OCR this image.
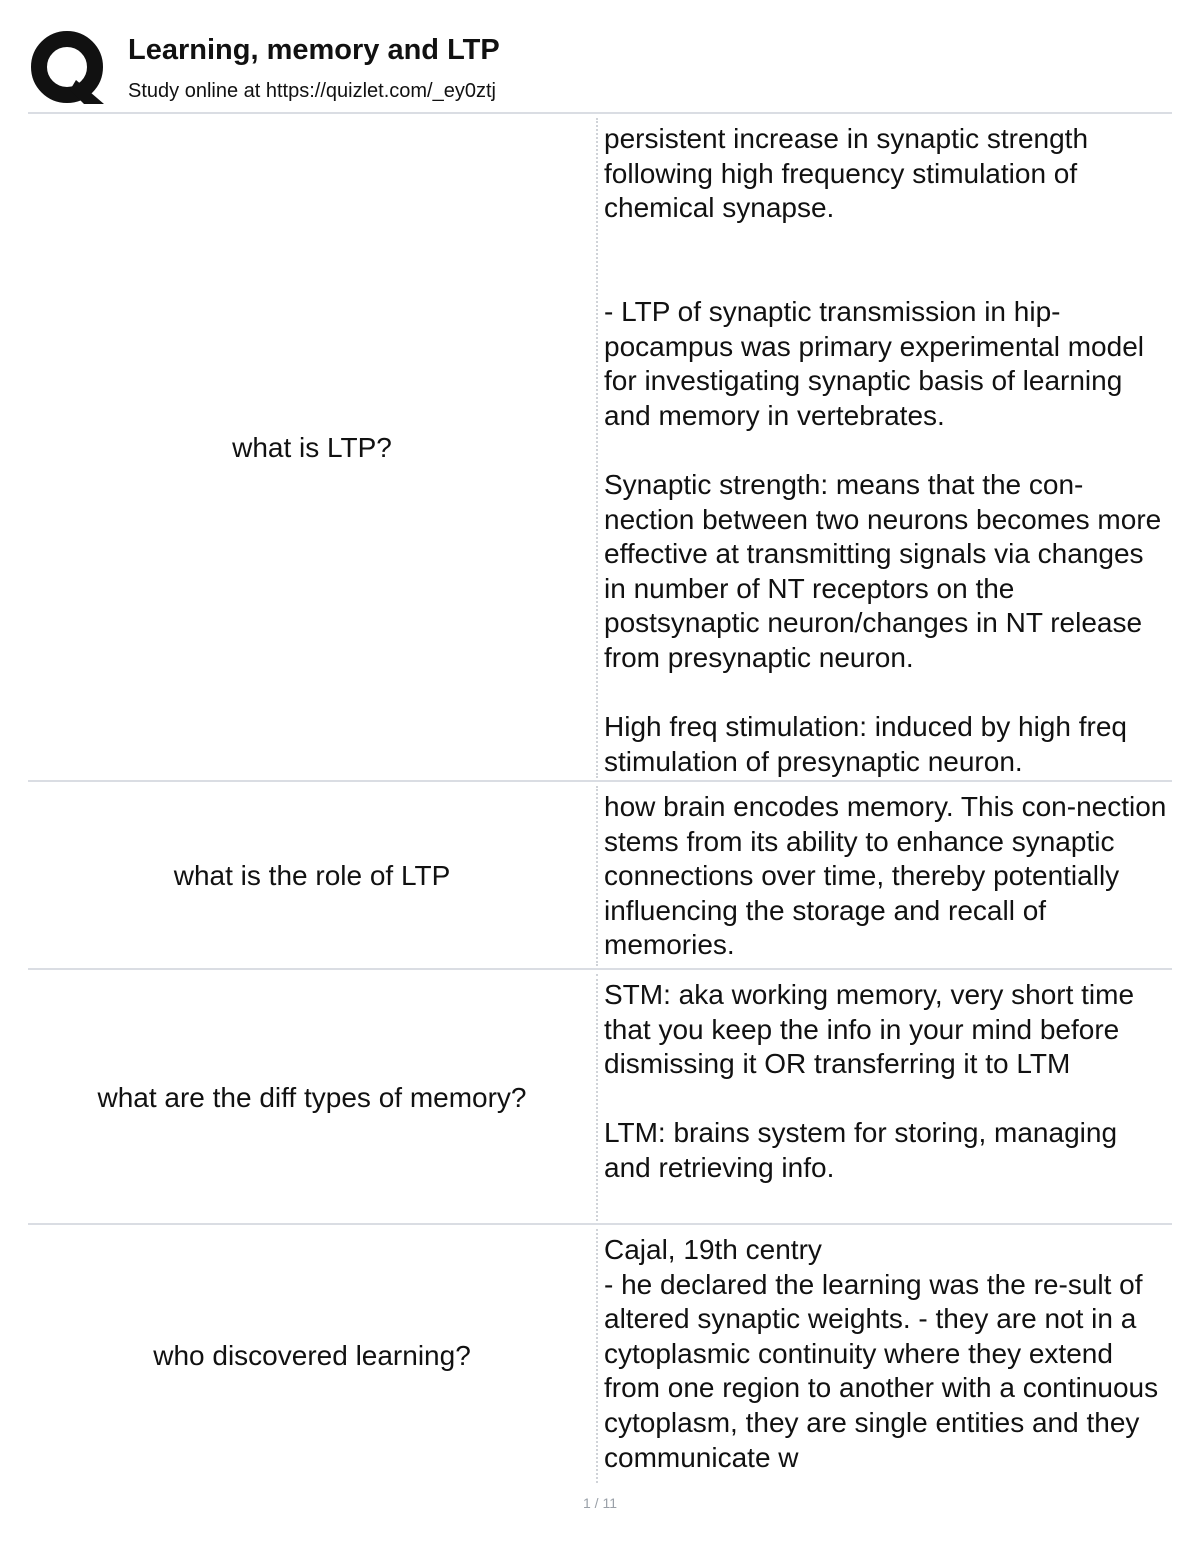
Learning, memory and LTP
Study online at https://quizlet.com/_ey0ztj
what is LTP?
persistent increase in synaptic strength following high frequency stimulation of chemical synapse.

- LTP of synaptic transmission in hip-pocampus was primary experimental model for investigating synaptic basis of learning and memory in vertebrates.

Synaptic strength: means that the con-nection between two neurons becomes more effective at transmitting signals via changes in number of NT receptors on the postsynaptic neuron/changes in NT release from presynaptic neuron.

High freq stimulation: induced by high freq stimulation of presynaptic neuron.
what is the role of LTP
how brain encodes memory. This con-nection stems from its ability to enhance synaptic connections over time, thereby potentially influencing the storage and recall of memories.
what are the diff types of memory?
STM: aka working memory, very short time that you keep the info in your mind before dismissing it OR transferring it to LTM

LTM: brains system for storing, managing and retrieving info.
who discovered learning?
Cajal, 19th centry
- he declared the learning was the re-sult of altered synaptic weights. - they are not in a cytoplasmic continuity where they extend from one region to another with a continuous cytoplasm, they are single entities and they communicate w
1 / 11
